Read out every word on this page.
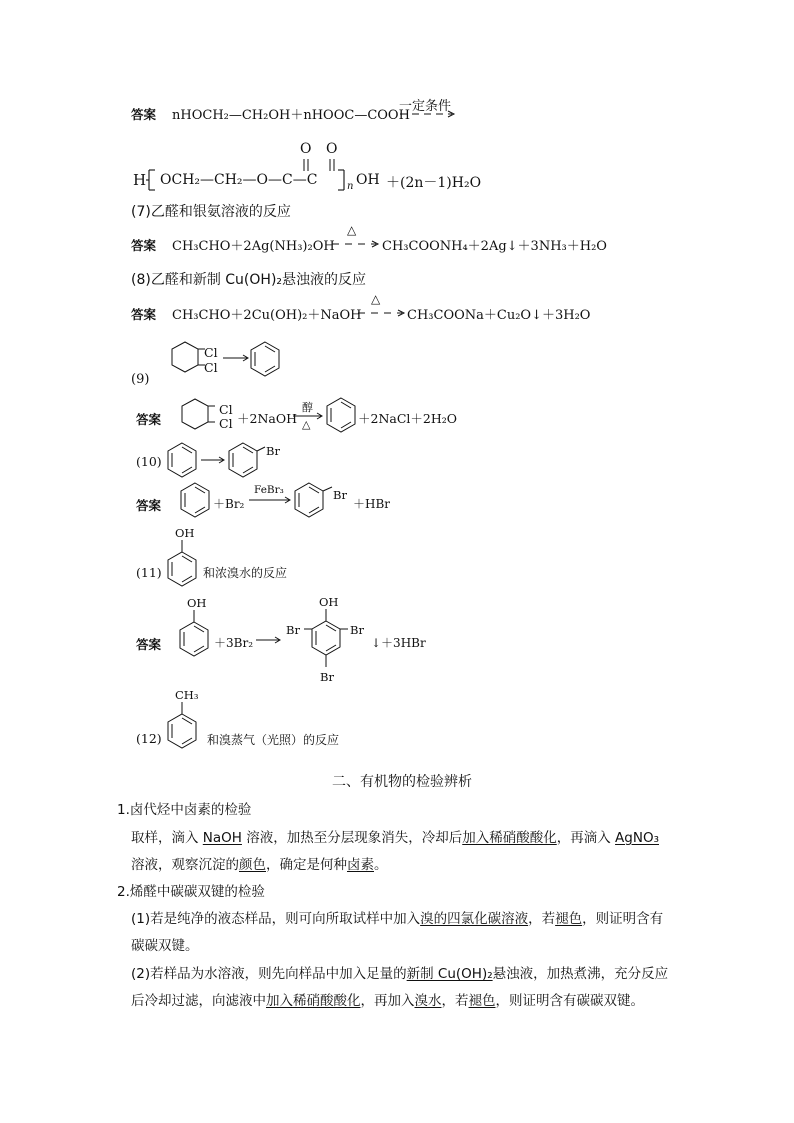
答案 nHOCH₂—CH₂OH＋nHOOC—COOH
一定条件
H OCH₂—CH₂—O—C—C
O O
n OH ＋(2n－1)H₂O
(7)乙醛和银氨溶液的反应
答案 CH₃CHO＋2Ag(NH₃)₂OH
△
CH₃COONH₄＋2Ag↓＋3NH₃＋H₂O
(8)乙醛和新制 Cu(OH)₂悬浊液的反应
答案 CH₃CHO＋2Cu(OH)₂＋NaOH
△
CH₃COONa＋Cu₂O↓＋3H₂O
(9)
Cl
Cl
答案
Cl
Cl ＋2NaOH
醇
△	＋2NaCl＋2H₂O
(10)
Br
答案	＋Br₂
FeBr₃	Br
＋HBr
OH
(11)	和浓溴水的反应
OH
答案	＋3Br₂
OH
Br	Br
Br
↓＋3HBr
CH₃
(12)	和溴蒸气（光照）的反应
二、有机物的检验辨析
1.卤代烃中卤素的检验
取样，滴入 NaOH 溶液，加热至分层现象消失，冷却后加入稀硝酸酸化，再滴入 AgNO₃
溶液，观察沉淀的颜色，确定是何种卤素。
2.烯醛中碳碳双键的检验
(1)若是纯净的液态样品，则可向所取试样中加入溴的四氯化碳溶液，若褪色，则证明含有
碳碳双键。
(2)若样品为水溶液，则先向样品中加入足量的新制 Cu(OH)₂悬浊液，加热煮沸，充分反应
后冷却过滤，向滤液中加入稀硝酸酸化，再加入溴水，若褪色，则证明含有碳碳双键。
